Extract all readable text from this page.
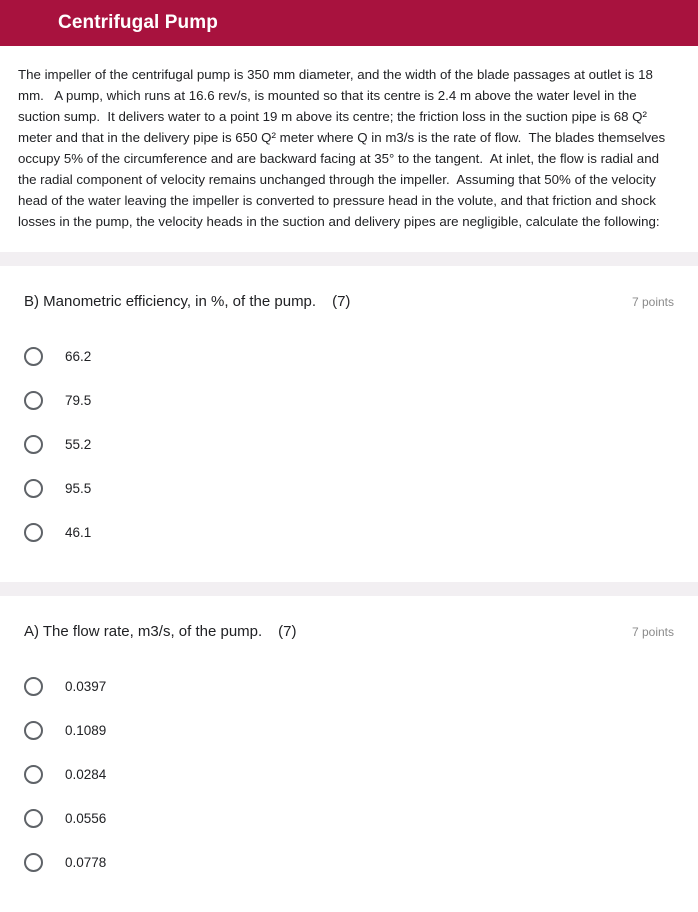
Centrifugal Pump
The impeller of the centrifugal pump is 350 mm diameter, and the width of the blade passages at outlet is 18 mm.   A pump, which runs at 16.6 rev/s, is mounted so that its centre is 2.4 m above the water level in the suction sump.  It delivers water to a point 19 m above its centre; the friction loss in the suction pipe is 68 Q² meter and that in the delivery pipe is 650 Q² meter where Q in m3/s is the rate of flow.  The blades themselves occupy 5% of the circumference and are backward facing at 35° to the tangent.  At inlet, the flow is radial and the radial component of velocity remains unchanged through the impeller.  Assuming that 50% of the velocity head of the water leaving the impeller is converted to pressure head in the volute, and that friction and shock losses in the pump, the velocity heads in the suction and delivery pipes are negligible, calculate the following:
B) Manometric efficiency, in %, of the pump. (7)	7 points
66.2
79.5
55.2
95.5
46.1
A) The flow rate, m3/s, of the pump. (7)	7 points
0.0397
0.1089
0.0284
0.0556
0.0778
